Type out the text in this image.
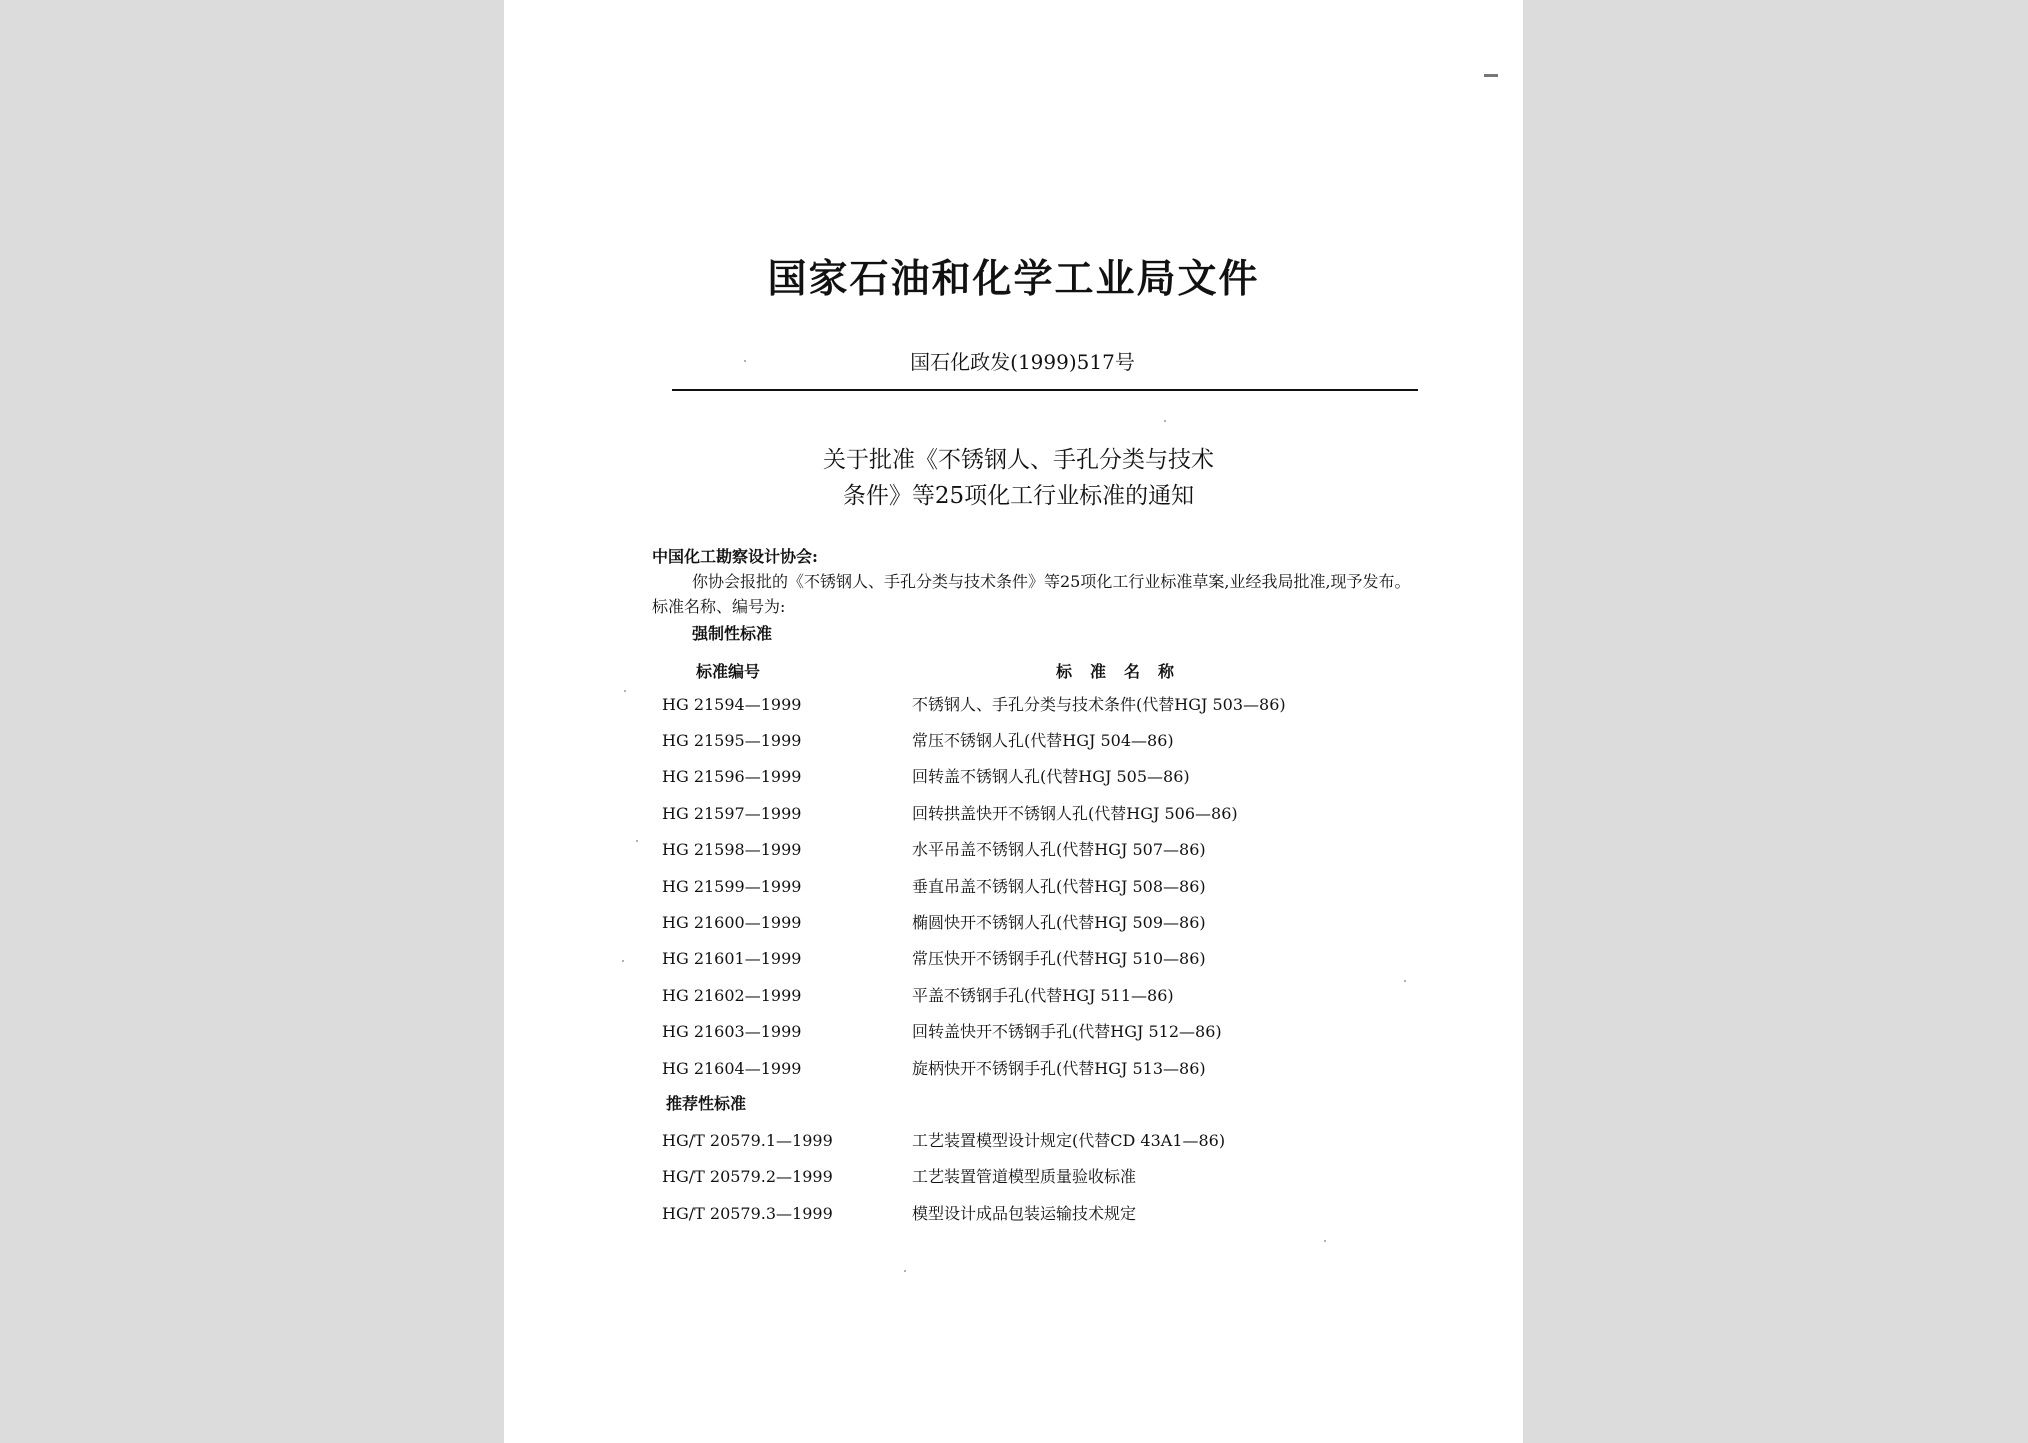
国家石油和化学工业局文件
国石化政发(1999)517号
关于批准《不锈钢人、手孔分类与技术
条件》等25项化工行业标准的通知
中国化工勘察设计协会:
你协会报批的《不锈钢人、手孔分类与技术条件》等25项化工行业标准草案,业经我局批准,现予发布。标准名称、编号为:
强制性标准
标准编号	标准名称
HG 21594—1999	不锈钢人、手孔分类与技术条件(代替HGJ 503—86)
HG 21595—1999	常压不锈钢人孔(代替HGJ 504—86)
HG 21596—1999	回转盖不锈钢人孔(代替HGJ 505—86)
HG 21597—1999	回转拱盖快开不锈钢人孔(代替HGJ 506—86)
HG 21598—1999	水平吊盖不锈钢人孔(代替HGJ 507—86)
HG 21599—1999	垂直吊盖不锈钢人孔(代替HGJ 508—86)
HG 21600—1999	椭圆快开不锈钢人孔(代替HGJ 509—86)
HG 21601—1999	常压快开不锈钢手孔(代替HGJ 510—86)
HG 21602—1999	平盖不锈钢手孔(代替HGJ 511—86)
HG 21603—1999	回转盖快开不锈钢手孔(代替HGJ 512—86)
HG 21604—1999	旋柄快开不锈钢手孔(代替HGJ 513—86)
推荐性标准
HG/T 20579.1—1999	工艺装置模型设计规定(代替CD 43A1—86)
HG/T 20579.2—1999	工艺装置管道模型质量验收标准
HG/T 20579.3—1999	模型设计成品包装运输技术规定
